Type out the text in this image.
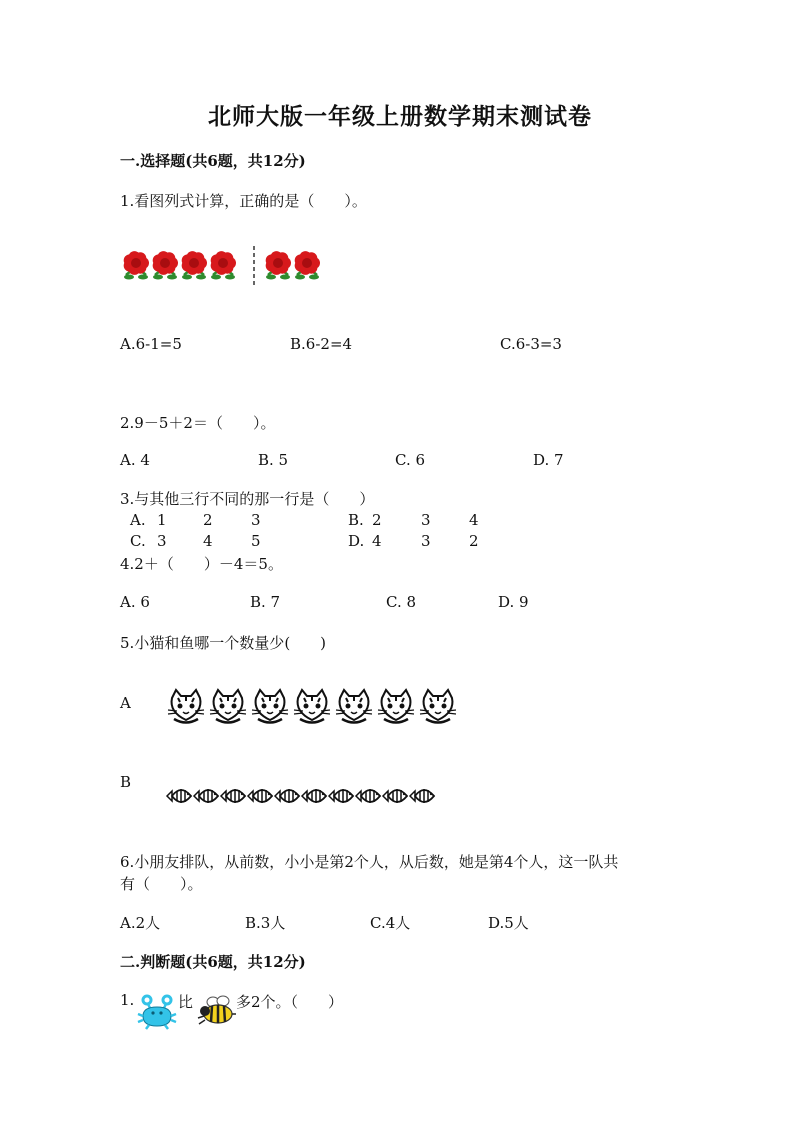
北师大版一年级上册数学期末测试卷
一.选择题(共6题，共12分)
1.看图列式计算，正确的是（　　）。
A.6-1=5	B.6-2=4	C.6-3=3
2.9－5＋2＝（　　）。
A. 4	B. 5	C. 6	D. 7
3.与其他三行不同的那一行是（　　）
A. 1 2	3	B. 2	3	4
C. 3 4	5	D. 4	3	2
4.2＋（　　）－4＝5。
A. 6	B. 7	C. 8	D. 9
5.小猫和鱼哪一个数量少(　　)
A
B
6.小朋友排队，从前数，小小是第2个人，从后数，她是第4个人，这一队共
有（　　）。
A.2人	B.3人	C.4人	D.5人
二.判断题(共6题，共12分)
1.	比	多2个。（　　）
